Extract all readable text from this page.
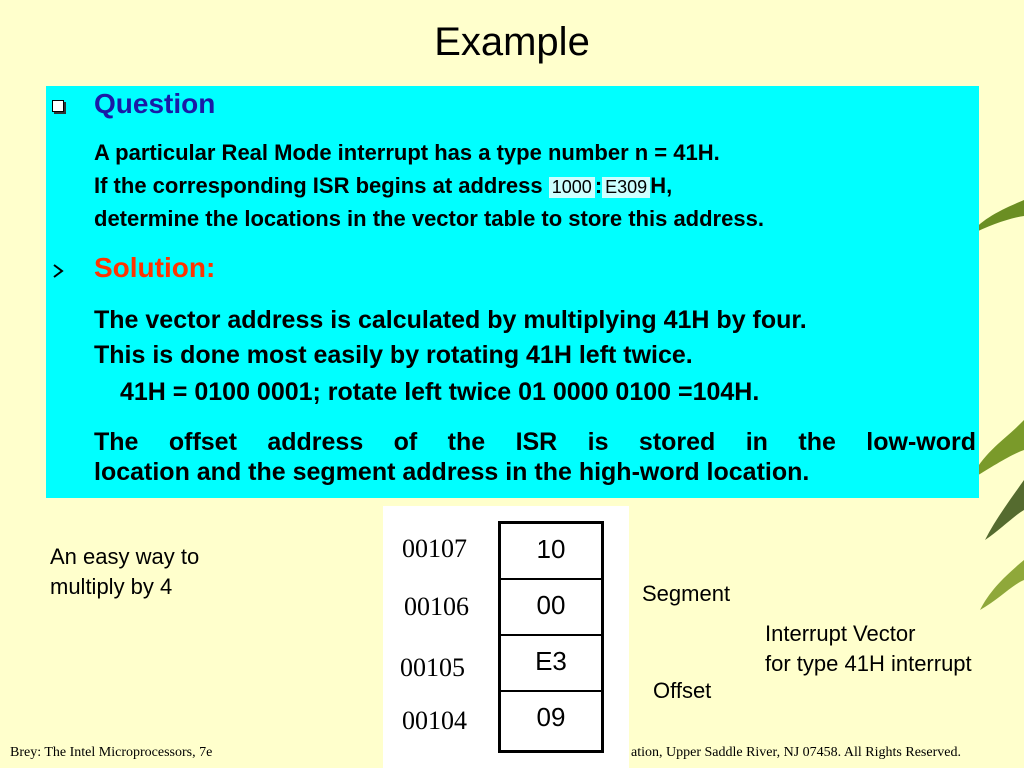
Example
Question
A particular Real Mode interrupt has a type number n = 41H.
If the corresponding ISR begins at address 1000 : E309 H,
determine the locations in the vector table to store this address.
Solution:
The vector address is calculated by multiplying 41H by four.
This is done most easily by rotating 41H left twice.
41H = 0100 0001; rotate left twice 01 0000 0100 =104H.
The offset address of the ISR is stored in the low-word
location and the segment address in the high-word location.
00107
00106
00105
00104
10
00
E3
09
An easy way to
multiply by 4	Segment
Interrupt Vector
for type 41H interrupt
Offset
Brey: The Intel Microprocessors, 7e	ation, Upper Saddle River, NJ 07458. All Rights Reserved.
